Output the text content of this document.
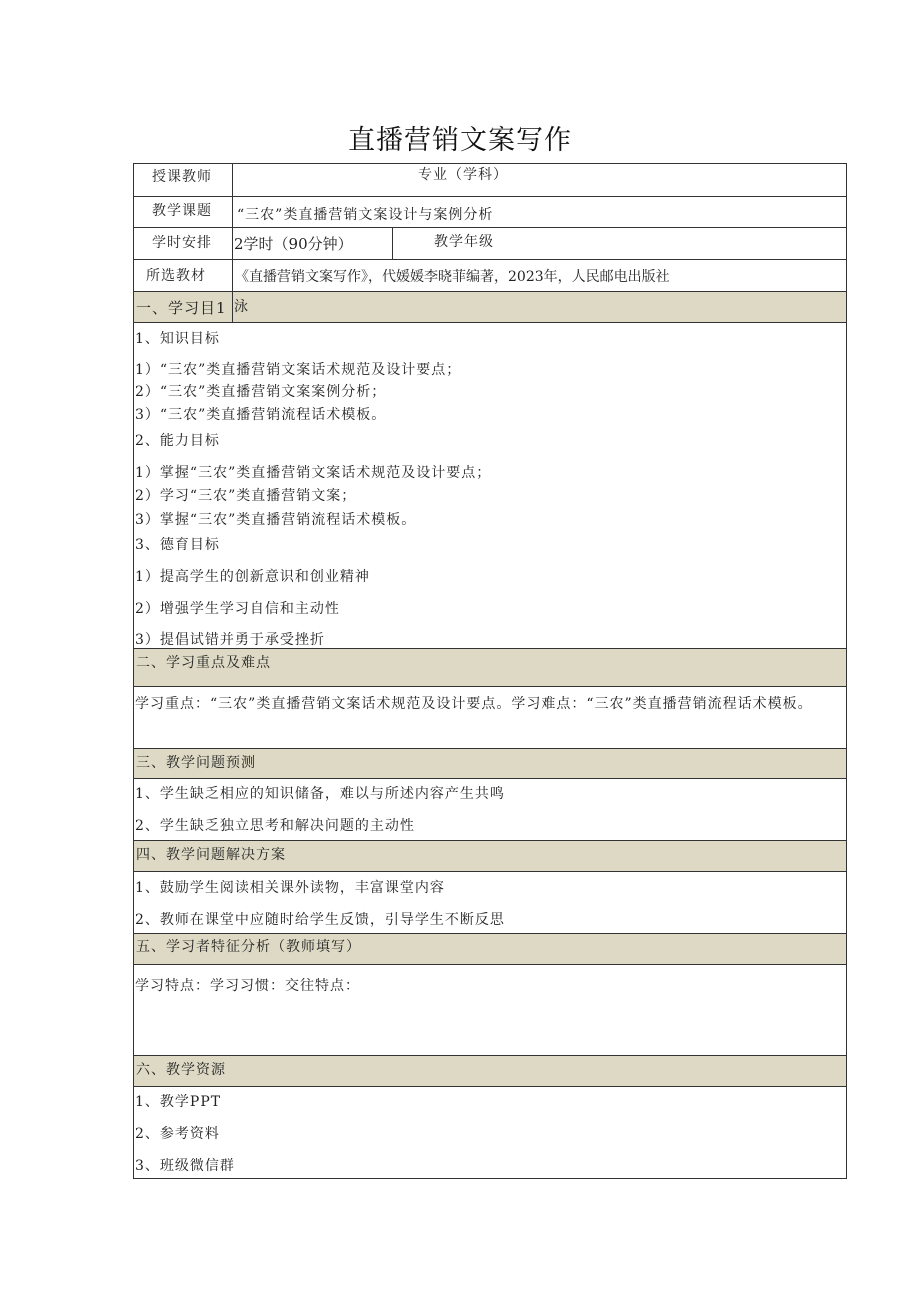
直播营销文案写作
授课教师	专业（学科）
教学课题 “三农”类直播营销文案设计与案例分析
学时安排 2学时（90分钟）	教学年级
所选教材 《直播营销文案写作》，代媛媛李晓菲编著，2023年，人民邮电出版社
一、学习目1 泳
1、知识目标
1）“三农”类直播营销文案话术规范及设计要点；
2）“三农”类直播营销文案案例分析；
3）“三农”类直播营销流程话术模板。
2、能力目标
1）掌握“三农”类直播营销文案话术规范及设计要点；
2）学习“三农”类直播营销文案；
3）掌握“三农”类直播营销流程话术模板。
3、德育目标
1）提高学生的创新意识和创业精神
2）增强学生学习自信和主动性
3）提倡试错并勇于承受挫折
二、学习重点及难点
学习重点：“三农”类直播营销文案话术规范及设计要点。学习难点：“三农”类直播营销流程话术模板。
三、教学问题预测
1、学生缺乏相应的知识储备，难以与所述内容产生共鸣
2、学生缺乏独立思考和解决问题的主动性
四、教学问题解决方案
1、鼓励学生阅读相关课外读物，丰富课堂内容
2、教师在课堂中应随时给学生反馈，引导学生不断反思
五、学习者特征分析（教师填写）
学习特点：学习习惯：交往特点：
六、教学资源
1、教学PPT
2、参考资料
3、班级微信群
